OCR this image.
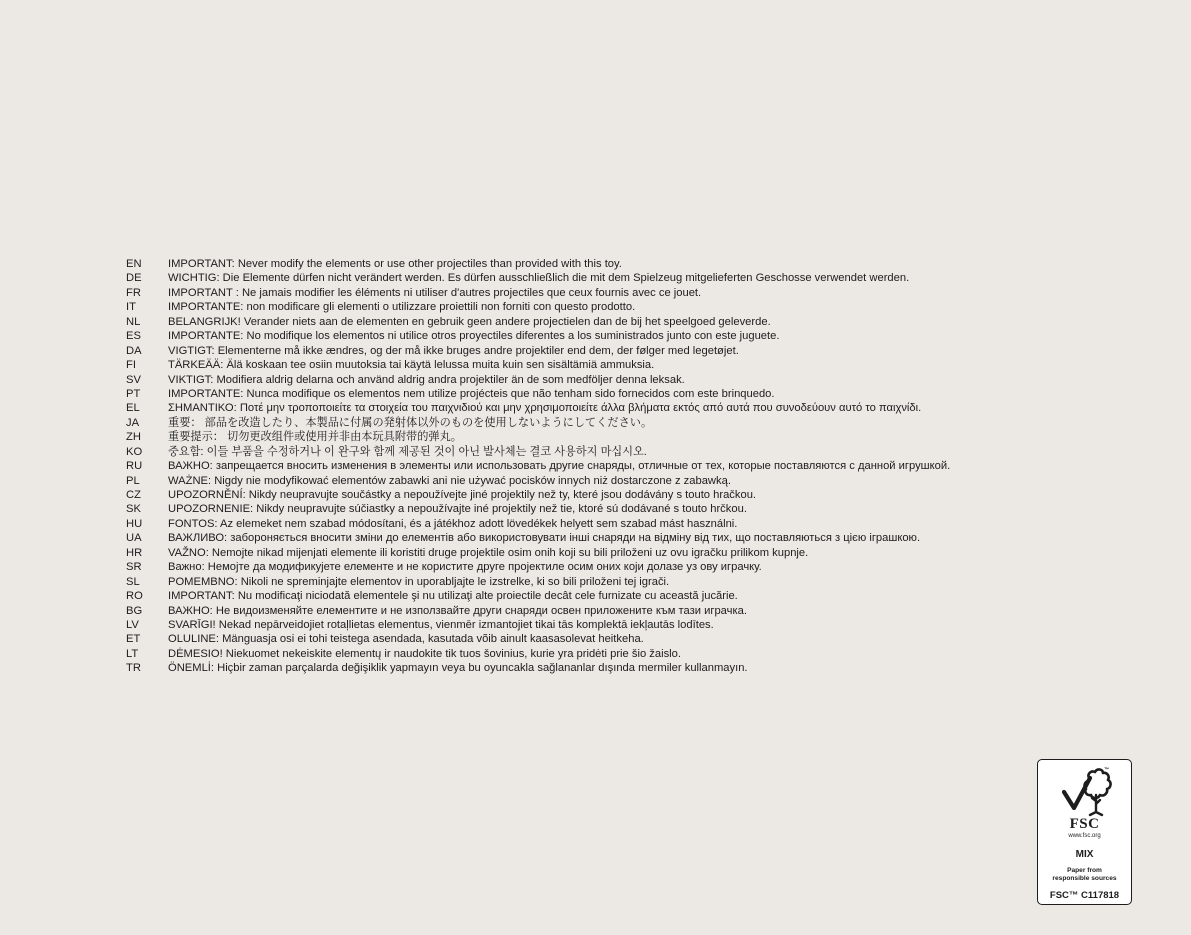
EN	IMPORTANT: Never modify the elements or use other projectiles than provided with this toy.
DE	WICHTIG: Die Elemente dürfen nicht verändert werden. Es dürfen ausschließlich die mit dem Spielzeug mitgelieferten Geschosse verwendet werden.
FR	IMPORTANT : Ne jamais modifier les éléments ni utiliser d'autres projectiles que ceux fournis avec ce jouet.
IT	IMPORTANTE: non modificare gli elementi o utilizzare proiettili non forniti con questo prodotto.
NL	BELANGRIJK! Verander niets aan de elementen en gebruik geen andere projectielen dan de bij het speelgoed geleverde.
ES	IMPORTANTE: No modifique los elementos ni utilice otros proyectiles diferentes a los suministrados junto con este juguete.
DA	VIGTIGT: Elementerne må ikke ændres, og der må ikke bruges andre projektiler end dem, der følger med legetøjet.
FI	TÄRKEÄÄ: Älä koskaan tee osiin muutoksia tai käytä lelussa muita kuin sen sisältämiä ammuksia.
SV	VIKTIGT: Modifiera aldrig delarna och använd aldrig andra projektiler än de som medföljer denna leksak.
PT	IMPORTANTE: Nunca modifique os elementos nem utilize projécteis que não tenham sido fornecidos com este brinquedo.
EL	ΣΗΜΑΝΤΙΚΟ: Ποτέ μην τροποποιείτε τα στοιχεία του παιχνιδιού και μην χρησιμοποιείτε άλλα βλήματα εκτός από αυτά που συνοδεύουν αυτό το παιχνίδι.
JA	重要： 部品を改造したり、本製品に付属の発射体以外のものを使用しないようにしてください。
ZH	重要提示： 切勿更改组件或使用并非由本玩具附带的弹丸。
KO	중요함: 이들 부품을 수정하거나 이 완구와 함께 제공된 것이 아닌 발사체는 결코 사용하지 마십시오.
RU	ВАЖНО: запрещается вносить изменения в элементы или использовать другие снаряды, отличные от тех, которые поставляются с данной игрушкой.
PL	WAŻNE: Nigdy nie modyfikować elementów zabawki ani nie używać pocisków innych niż dostarczone z zabawką.
CZ	UPOZORNĚNÍ: Nikdy neupravujte součástky a nepoužívejte jiné projektily než ty, které jsou dodávány s touto hračkou.
SK	UPOZORNENIE: Nikdy neupravujte súčiastky a nepoužívajte iné projektily než tie, ktoré sú dodávané s touto hrčkou.
HU	FONTOS: Az elemeket nem szabad módosítani, és a játékhoz adott lövedékek helyett sem szabad mást használni.
UA	ВАЖЛИВО: забороняється вносити зміни до елементів або використовувати інші снаряди на відміну від тих, що поставляються з цією іграшкою.
HR	VAŽNO: Nemojte nikad mijenjati elemente ili koristiti druge projektile osim onih koji su bili priloženi uz ovu igračku prilikom kupnje.
SR	Важно: Немојте да модификујете елементе и не користите друге пројектиле осим оних који долазе уз ову играчку.
SL	POMEMBNO: Nikoli ne spreminjajte elementov in uporabljajte le izstrelke, ki so bili priloženi tej igrači.
RO	IMPORTANT: Nu modificaţi niciodată elementele şi nu utilizaţi alte proiectile decât cele furnizate cu această jucărie.
BG	ВАЖНО: Не видоизменяйте елементите и не използвайте други снаряди освен приложените към тази играчка.
LV	SVARĪGI! Nekad nepārveidojiet rotaļlietas elementus, vienmēr izmantojiet tikai tās komplektā iekļautās lodītes.
ET	OLULINE: Mänguasja osi ei tohi teistega asendada, kasutada võib ainult kaasasolevat heitkeha.
LT	DĖMESIO! Niekuomet nekeiskite elementų ir naudokite tik tuos šovinius, kurie yra pridėti prie šio žaislo.
TR	ÖNEMLİ: Hiçbir zaman parçalarda değişiklik yapmayın veya bu oyuncakla sağlananlar dışında mermiler kullanmayın.
™
FSC
www.fsc.org
MIX
Paper from
responsible sources
FSC™ C117818
